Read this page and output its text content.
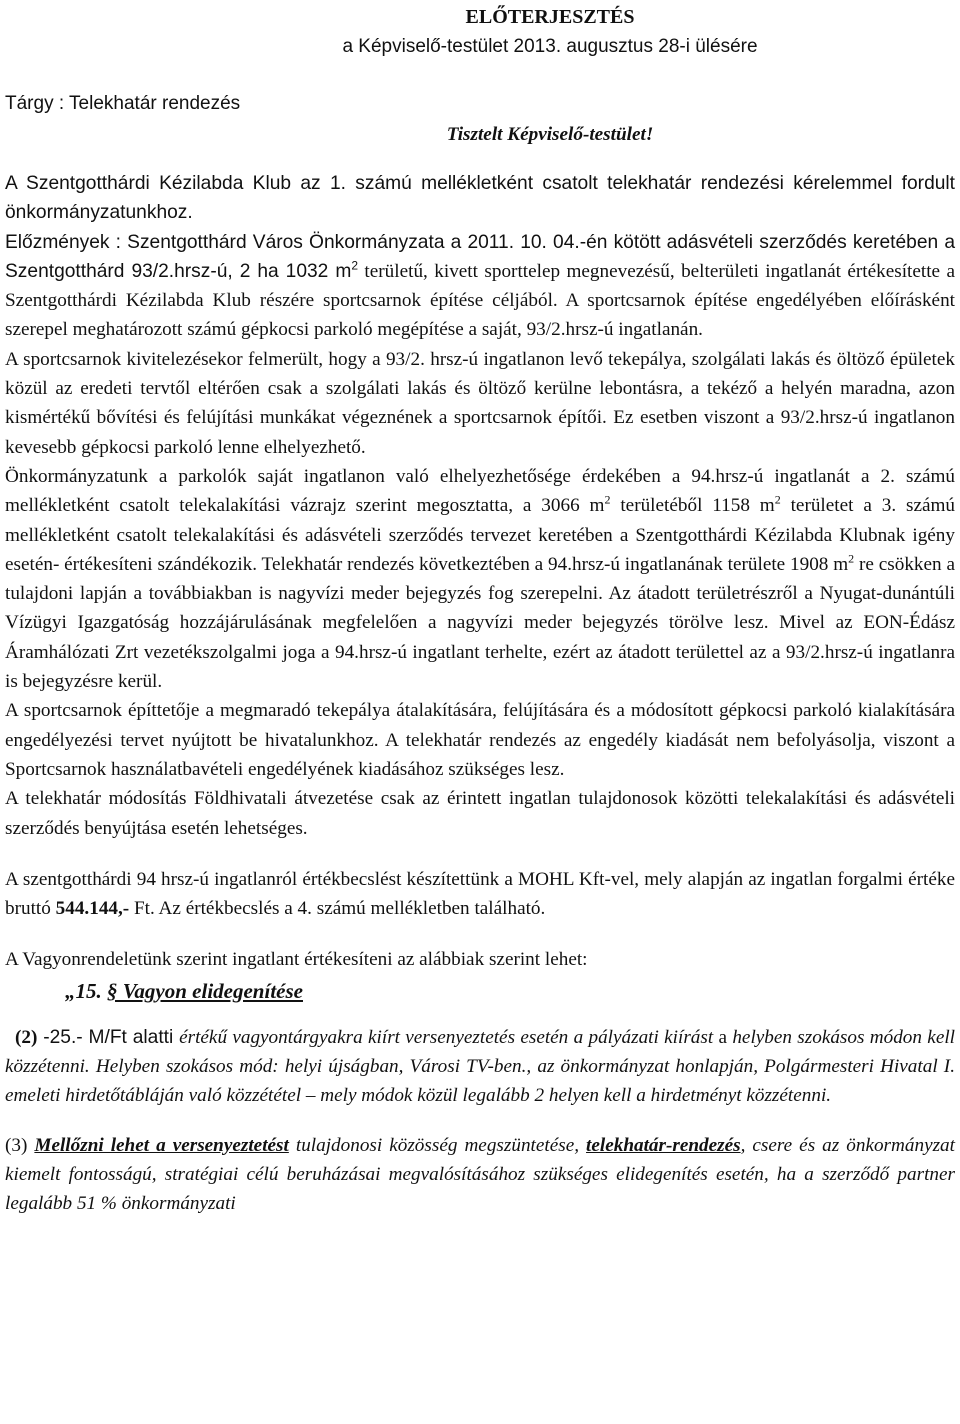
ELŐTERJESZTÉS
a Képviselő-testület 2013. augusztus 28-i ülésére
Tárgy : Telekhatár rendezés
Tisztelt Képviselő-testület!

A Szentgotthárdi Kézilabda Klub az 1. számú mellékletként csatolt telekhatár rendezési kérelemmel fordult önkormányzatunkhoz.

Előzmények : Szentgotthárd Város Önkormányzata a 2011. 10. 04.-én kötött adásvételi szerződés keretében a Szentgotthárd 93/2.hrsz-ú, 2 ha 1032 $m^2$ területű, kivett sporttelep megnevezésű, belterületi ingatlanát értékesítette a Szentgotthárdi Kézilabda Klub részére sportcsarnok építése céljából. A sportcsarnok építése engedélyében előírásként szerepel meghatározott számú gépkocsi parkoló megépítése a saját, 93/2.hrsz-ú ingatlanán.

A sportcsarnok kivitelezésekor felmerült, hogy a 93/2. hrsz-ú ingatlanon levő tekepálya, szolgálati lakás és öltöző épületek közül az eredeti tervtől eltérően csak a szolgálati lakás és öltöző kerülne lebontásra, a tekéző a helyén maradna, azon kismértékű bővítési és felújítási munkákat végeznének a sportcsarnok építői. Ez esetben viszont a 93/2.hrsz-ú ingatlanon kevesebb gépkocsi parkoló lenne elhelyezhető.

Önkormányzatunk a parkolók saját ingatlanon való elhelyezhetősége érdekében a 94.hrsz-ú ingatlanát a 2. számú mellékletként csatolt telekalakítási vázrajz szerint megosztatta, a 3066 $m^2$ területéből 1158 $m^2$ területet a 3. számú mellékletként csatolt telekalakítási és adásvételi szerződés tervezet keretében a Szentgotthárdi Kézilabda Klubnak igény esetén- értékesíteni szándékozik. Telekhatár rendezés következtében a 94.hrsz-ú ingatlanának területe 1908 $m^2$ re csökken a tulajdoni lapján a továbbiakban is nagyvízi meder bejegyzés fog szerepelni. Az átadott területrészről a Nyugat-dunántúli Vízügyi Igazgatóság hozzájárulásának megfelelően a nagyvízi meder bejegyzés törölve lesz. Mivel az EON-Édász Áramhálózati Zrt vezetékszolgalmi joga a 94.hrsz-ú ingatlant terhelte, ezért az átadott területtel az a 93/2.hrsz-ú ingatlanra is bejegyzésre kerül.

A sportcsarnok építtetője a megmaradó tekepálya átalakítására, felújítására és a módosított gépkocsi parkoló kialakítására engedélyezési tervet nyújtott be hivatalunkhoz. A telekhatár rendezés az engedély kiadását nem befolyásolja, viszont a Sportcsarnok használatbavételi engedélyének kiadásához szükséges lesz.

A telekhatár módosítás Földhivatali átvezetése csak az érintett ingatlan tulajdonosok közötti telekalakítási és adásvételi szerződés benyújtása esetén lehetséges.

A szentgotthárdi 94 hrsz-ú ingatlanról értékbecslést készítettünk a MOHL Kft-vel, mely alapján az ingatlan forgalmi értéke bruttó 544.144,- Ft. Az értékbecslés a 4. számú mellékletben található.

A Vagyonrendeletünk szerint ingatlant értékesíteni az alábbiak szerint lehet:

„15. § Vagyon elidegenítése

(2) -25.- M/Ft alatti értékű vagyontárgyakra kiírt versenyeztetés esetén a pályázati kiírást a helyben szokásos módon kell közzétenni. Helyben szokásos mód: helyi újságban, Városi TV-ben., az önkormányzat honlapján, Polgármesteri Hivatal I. emeleti hirdetőtábláján való közzététel – mely módok közül legalább 2 helyen kell a hirdetményt közzétenni.

(3) Mellőzni lehet a versenyeztetést tulajdonosi közösség megszüntetése, telekhatár-rendezés, csere és az önkormányzat kiemelt fontosságú, stratégiai célú beruházásai megvalósításához szükséges elidegenítés esetén, ha a szerződő partner legalább 51 % önkormányzati
